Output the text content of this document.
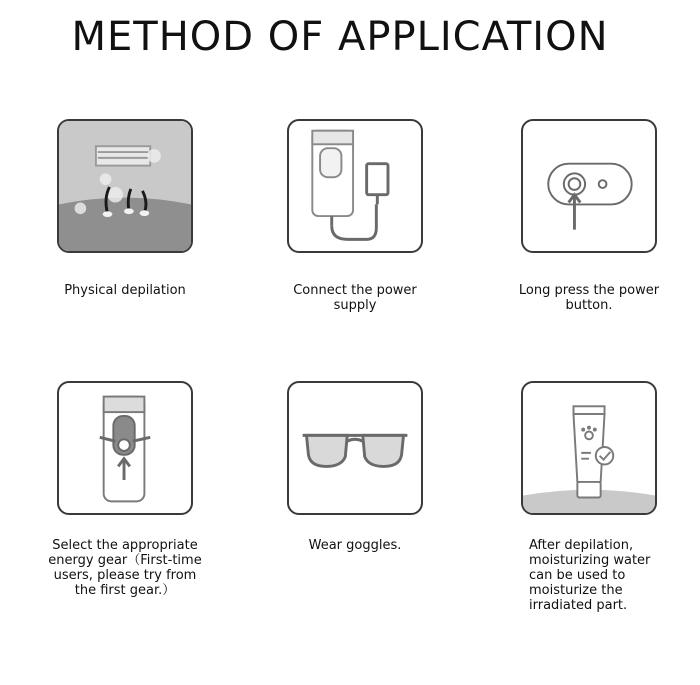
METHOD OF APPLICATION
Physical depilation	Connect the power
supply
Long press the power
button.
Select the appropriate
energy gear（First-time
users, please try from
the first gear.）
Wear goggles.	After depilation,
moisturizing water
can be used to
moisturize the
irradiated part.
